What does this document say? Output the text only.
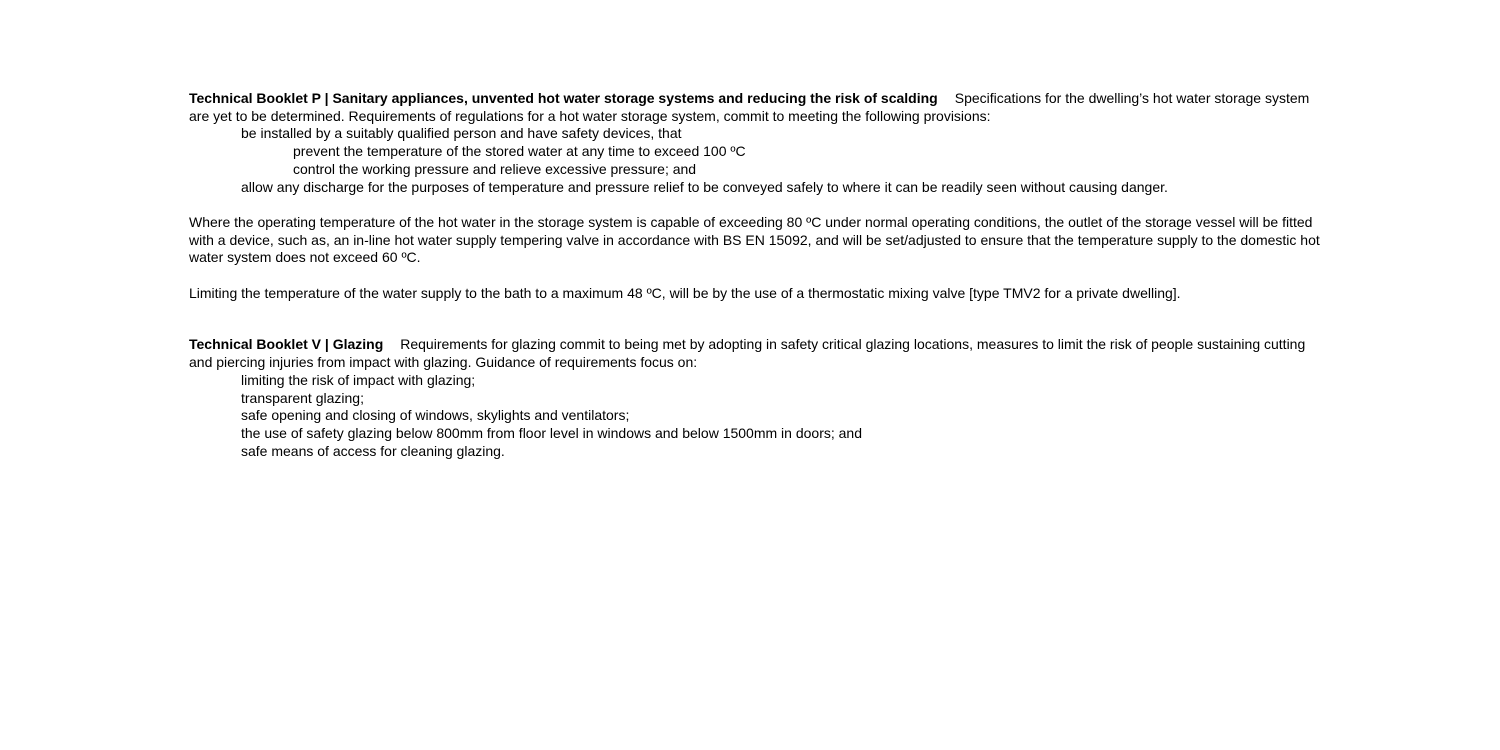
Technical Booklet P | Sanitary appliances, unvented hot water storage systems and reducing the risk of scalding Specifications for the dwelling’s hot water storage system are yet to be determined. Requirements of regulations for a hot water storage system, commit to meeting the following provisions:

be installed by a suitably qualified person and have safety devices, that
prevent the temperature of the stored water at any time to exceed 100 ºC
control the working pressure and relieve excessive pressure; and
allow any discharge for the purposes of temperature and pressure relief to be conveyed safely to where it can be readily seen without causing danger.

Where the operating temperature of the hot water in the storage system is capable of exceeding 80 ºC under normal operating conditions, the outlet of the storage vessel will be fitted with a device, such as, an in-line hot water supply tempering valve in accordance with BS EN 15092, and will be set/adjusted to ensure that the temperature supply to the domestic hot water system does not exceed 60 ºC.

Limiting the temperature of the water supply to the bath to a maximum 48 ºC, will be by the use of a thermostatic mixing valve [type TMV2 for a private dwelling].

Technical Booklet V | Glazing Requirements for glazing commit to being met by adopting in safety critical glazing locations, measures to limit the risk of people sustaining cutting and piercing injuries from impact with glazing. Guidance of requirements focus on:

limiting the risk of impact with glazing;
transparent glazing;
safe opening and closing of windows, skylights and ventilators;
the use of safety glazing below 800mm from floor level in windows and below 1500mm in doors; and
safe means of access for cleaning glazing.
